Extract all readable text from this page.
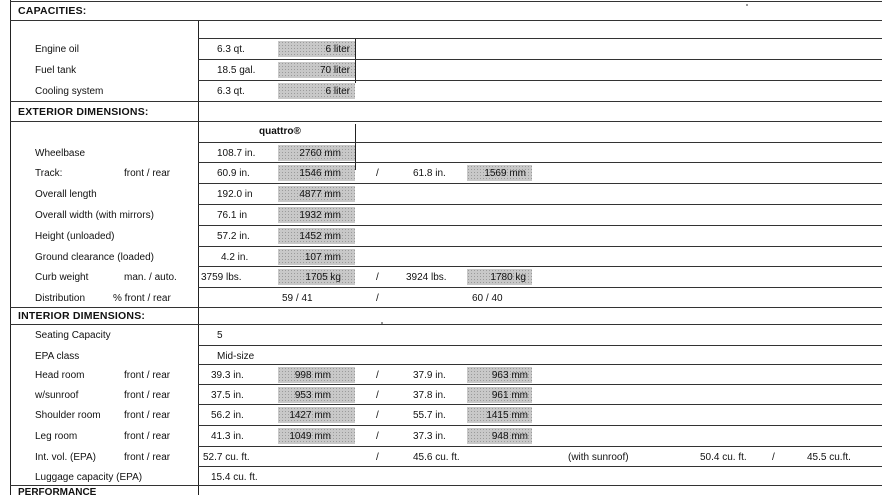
CAPACITIES:
Engine oil	6.3 qt.	6 liter
Fuel tank	18.5 gal.	70 liter
Cooling system	6.3 qt.	6 liter
EXTERIOR DIMENSIONS:
quattro®
Wheelbase	108.7 in.	2760 mm
Track:	front / rear	60.9 in.	1546 mm	/	61.8 in.	1569 mm
Overall length	192.0 in	4877 mm
Overall width (with mirrors)	76.1 in	1932 mm
Height (unloaded)	57.2 in.	1452 mm
Ground clearance (loaded)	4.2 in.	107 mm
Curb weight	man. / auto. 3759 lbs.	1705 kg	/	3924 lbs.	1780 kg
Distribution	% front / rear	59 / 41	/	60 / 40
INTERIOR DIMENSIONS:
Seating Capacity	5
EPA class	Mid-size
Head room	front / rear	39.3 in.	998 mm	/	37.9 in.	963 mm
w/sunroof	front / rear	37.5 in.	953 mm	/	37.8 in.	961 mm
Shoulder room front / rear	56.2 in.	1427 mm	/	55.7 in.	1415 mm
Leg room	front / rear	41.3 in.	1049 mm	/	37.3 in.	948 mm
Int. vol. (EPA)	front / rear	52.7 cu. ft.	/	45.6 cu. ft.	(with sunroof)	50.4 cu. ft.	/	45.5 cu.ft.
Luggage capacity (EPA)	15.4 cu. ft.
PERFORMANCE
